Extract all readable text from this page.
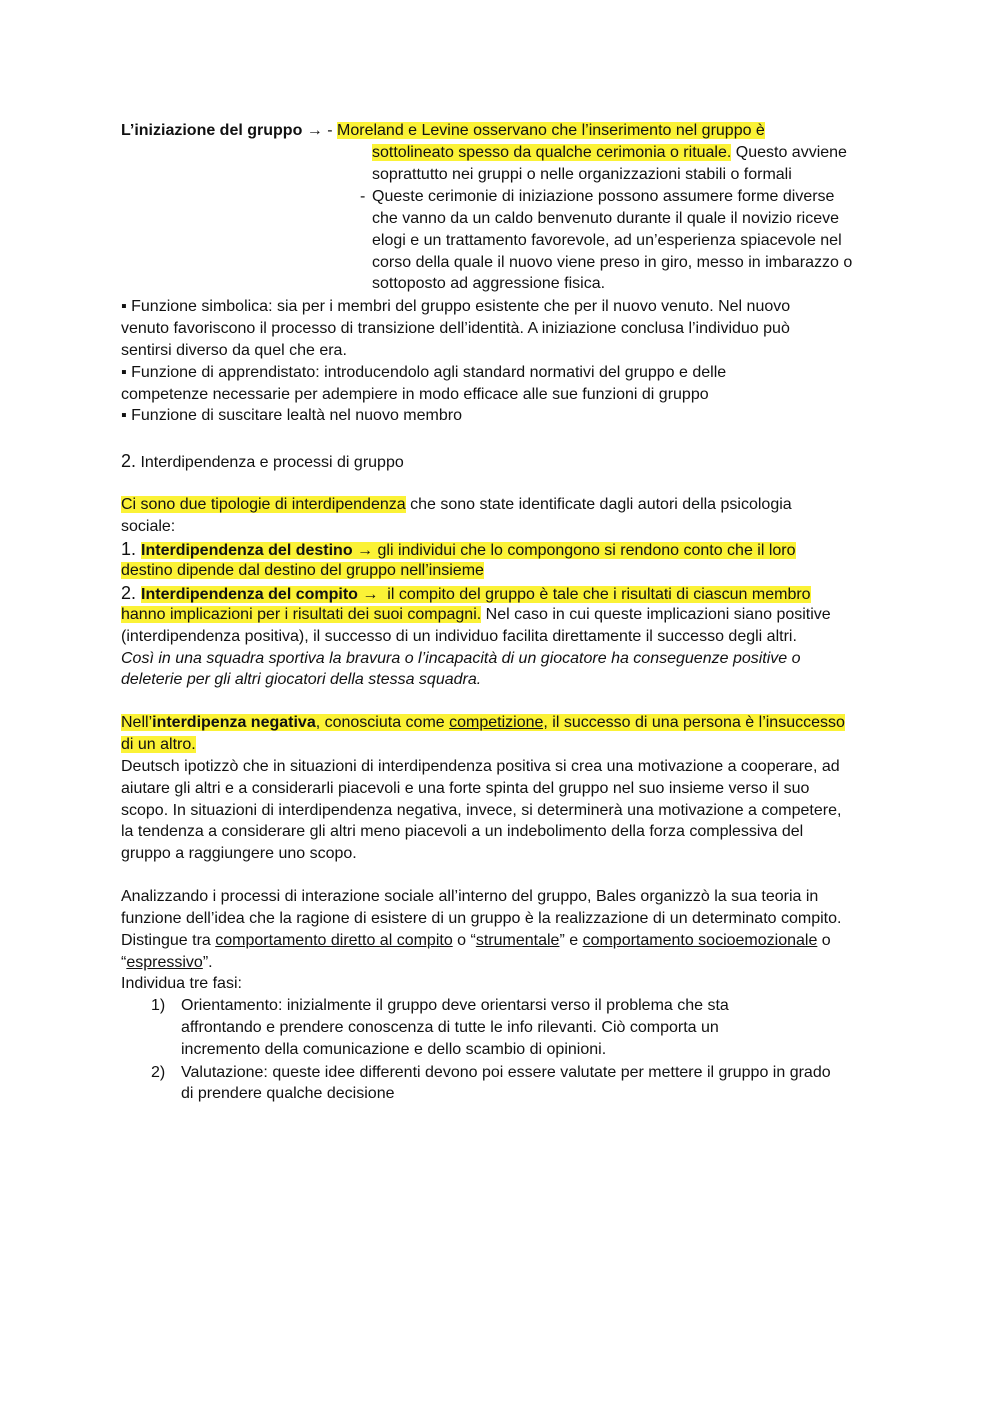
L’iniziazione del gruppo → - Moreland e Levine osservano che l’inserimento nel gruppo è
sottolineato spesso da qualche cerimonia o rituale. Questo avviene
soprattutto nei gruppi o nelle organizzazioni stabili o formali
- Queste cerimonie di iniziazione possono assumere forme diverse
che vanno da un caldo benvenuto durante il quale il novizio riceve
elogi e un trattamento favorevole, ad un’esperienza spiacevole nel
corso della quale il nuovo viene preso in giro, messo in imbarazzo o
sottoposto ad aggressione fisica.
▪ Funzione simbolica: sia per i membri del gruppo esistente che per il nuovo venuto. Nel nuovo
venuto favoriscono il processo di transizione dell’identità. A iniziazione conclusa l’individuo può
sentirsi diverso da quel che era.
▪ Funzione di apprendistato: introducendolo agli standard normativi del gruppo e delle
competenze necessarie per adempiere in modo efficace alle sue funzioni di gruppo
▪ Funzione di suscitare lealtà nel nuovo membro
2. Interdipendenza e processi di gruppo
Ci sono due tipologie di interdipendenza che sono state identificate dagli autori della psicologia
sociale:
1. Interdipendenza del destino → gli individui che lo compongono si rendono conto che il loro
destino dipende dal destino del gruppo nell’insieme
2. Interdipendenza del compito →  il compito del gruppo è tale che i risultati di ciascun membro
hanno implicazioni per i risultati dei suoi compagni. Nel caso in cui queste implicazioni siano positive
(interdipendenza positiva), il successo di un individuo facilita direttamente il successo degli altri.
Così in una squadra sportiva la bravura o l’incapacità di un giocatore ha conseguenze positive o
deleterie per gli altri giocatori della stessa squadra.
Nell’interdipenza negativa, conosciuta come competizione, il successo di una persona è l’insuccesso
di un altro.
Deutsch ipotizzò che in situazioni di interdipendenza positiva si crea una motivazione a cooperare, ad
aiutare gli altri e a considerarli piacevoli e una forte spinta del gruppo nel suo insieme verso il suo
scopo. In situazioni di interdipendenza negativa, invece, si determinerà una motivazione a competere,
la tendenza a considerare gli altri meno piacevoli a un indebolimento della forza complessiva del
gruppo a raggiungere uno scopo.
Analizzando i processi di interazione sociale all’interno del gruppo, Bales organizzò la sua teoria in
funzione dell’idea che la ragione di esistere di un gruppo è la realizzazione di un determinato compito.
Distingue tra comportamento diretto al compito o “strumentale” e comportamento socioemozionale o
“espressivo”.
Individua tre fasi:
1) Orientamento: inizialmente il gruppo deve orientarsi verso il problema che sta
affrontando e prendere conoscenza di tutte le info rilevanti. Ciò comporta un
incremento della comunicazione e dello scambio di opinioni.
2) Valutazione: queste idee differenti devono poi essere valutate per mettere il gruppo in grado
di prendere qualche decisione
